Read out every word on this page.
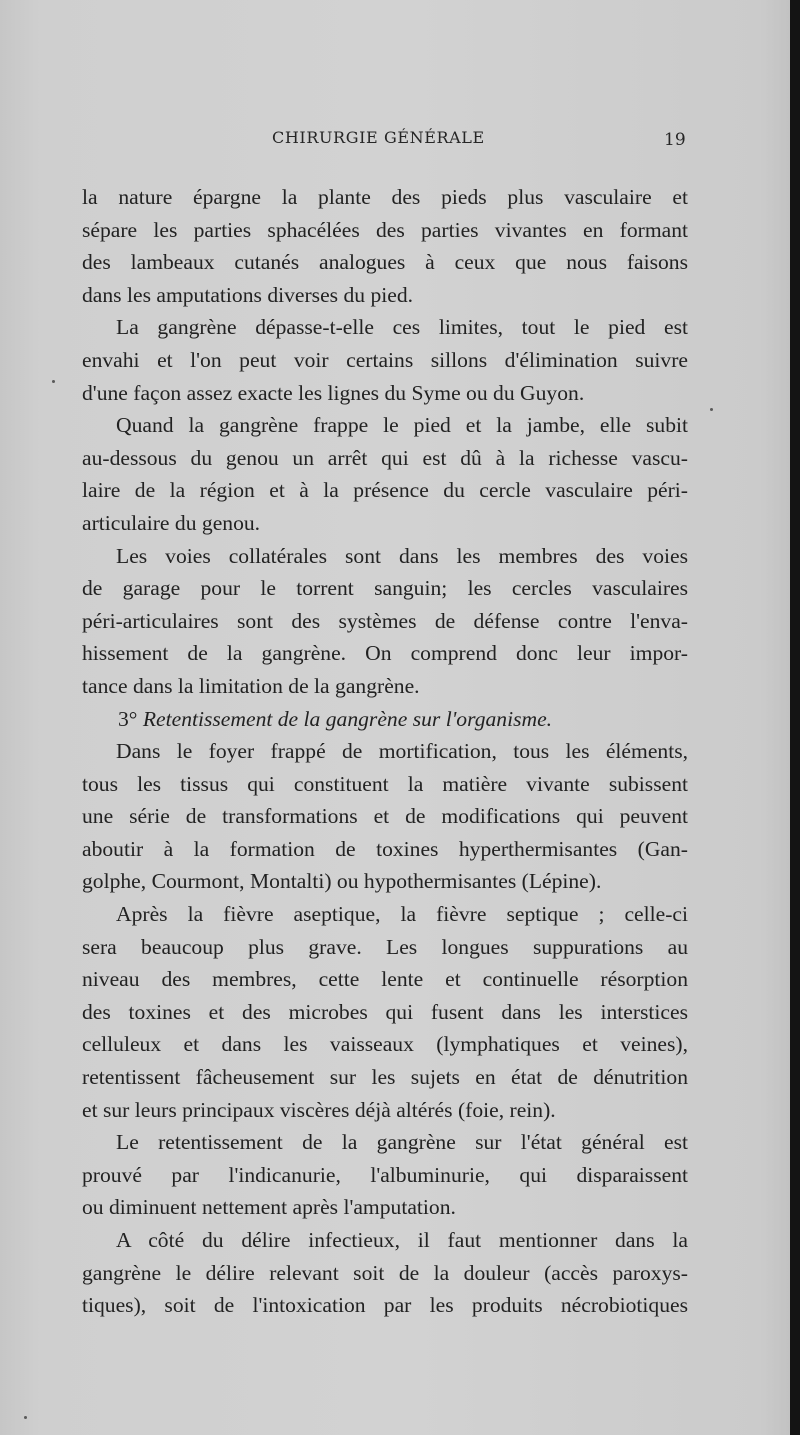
CHIRURGIE GÉNÉRALE	19

la nature épargne la plante des pieds plus vasculaire et
sépare les parties sphacélées des parties vivantes en formant
des lambeaux cutanés analogues à ceux que nous faisons
dans les amputations diverses du pied.

La gangrène dépasse-t-elle ces limites, tout le pied est
envahi et l'on peut voir certains sillons d'élimination suivre
d'une façon assez exacte les lignes du Syme ou du Guyon.

Quand la gangrène frappe le pied et la jambe, elle subit
au-dessous du genou un arrêt qui est dû à la richesse vascu-
laire de la région et à la présence du cercle vasculaire péri-
articulaire du genou.

Les voies collatérales sont dans les membres des voies
de garage pour le torrent sanguin; les cercles vasculaires
péri-articulaires sont des systèmes de défense contre l'enva-
hissement de la gangrène. On comprend donc leur impor-
tance dans la limitation de la gangrène.

3° Retentissement de la gangrène sur l'organisme.

Dans le foyer frappé de mortification, tous les éléments,
tous les tissus qui constituent la matière vivante subissent
une série de transformations et de modifications qui peuvent
aboutir à la formation de toxines hyperthermisantes (Gan-
golphe, Courmont, Montalti) ou hypothermisantes (Lépine).

Après la fièvre aseptique, la fièvre septique ; celle-ci
sera beaucoup plus grave. Les longues suppurations au
niveau des membres, cette lente et continuelle résorption
des toxines et des microbes qui fusent dans les interstices
celluleux et dans les vaisseaux (lymphatiques et veines),
retentissent fâcheusement sur les sujets en état de dénutrition
et sur leurs principaux viscères déjà altérés (foie, rein).

Le retentissement de la gangrène sur l'état général est
prouvé par l'indicanurie, l'albuminurie, qui disparaissent
ou diminuent nettement après l'amputation.

A côté du délire infectieux, il faut mentionner dans la
gangrène le délire relevant soit de la douleur (accès paroxys-
tiques), soit de l'intoxication par les produits nécrobiotiques
